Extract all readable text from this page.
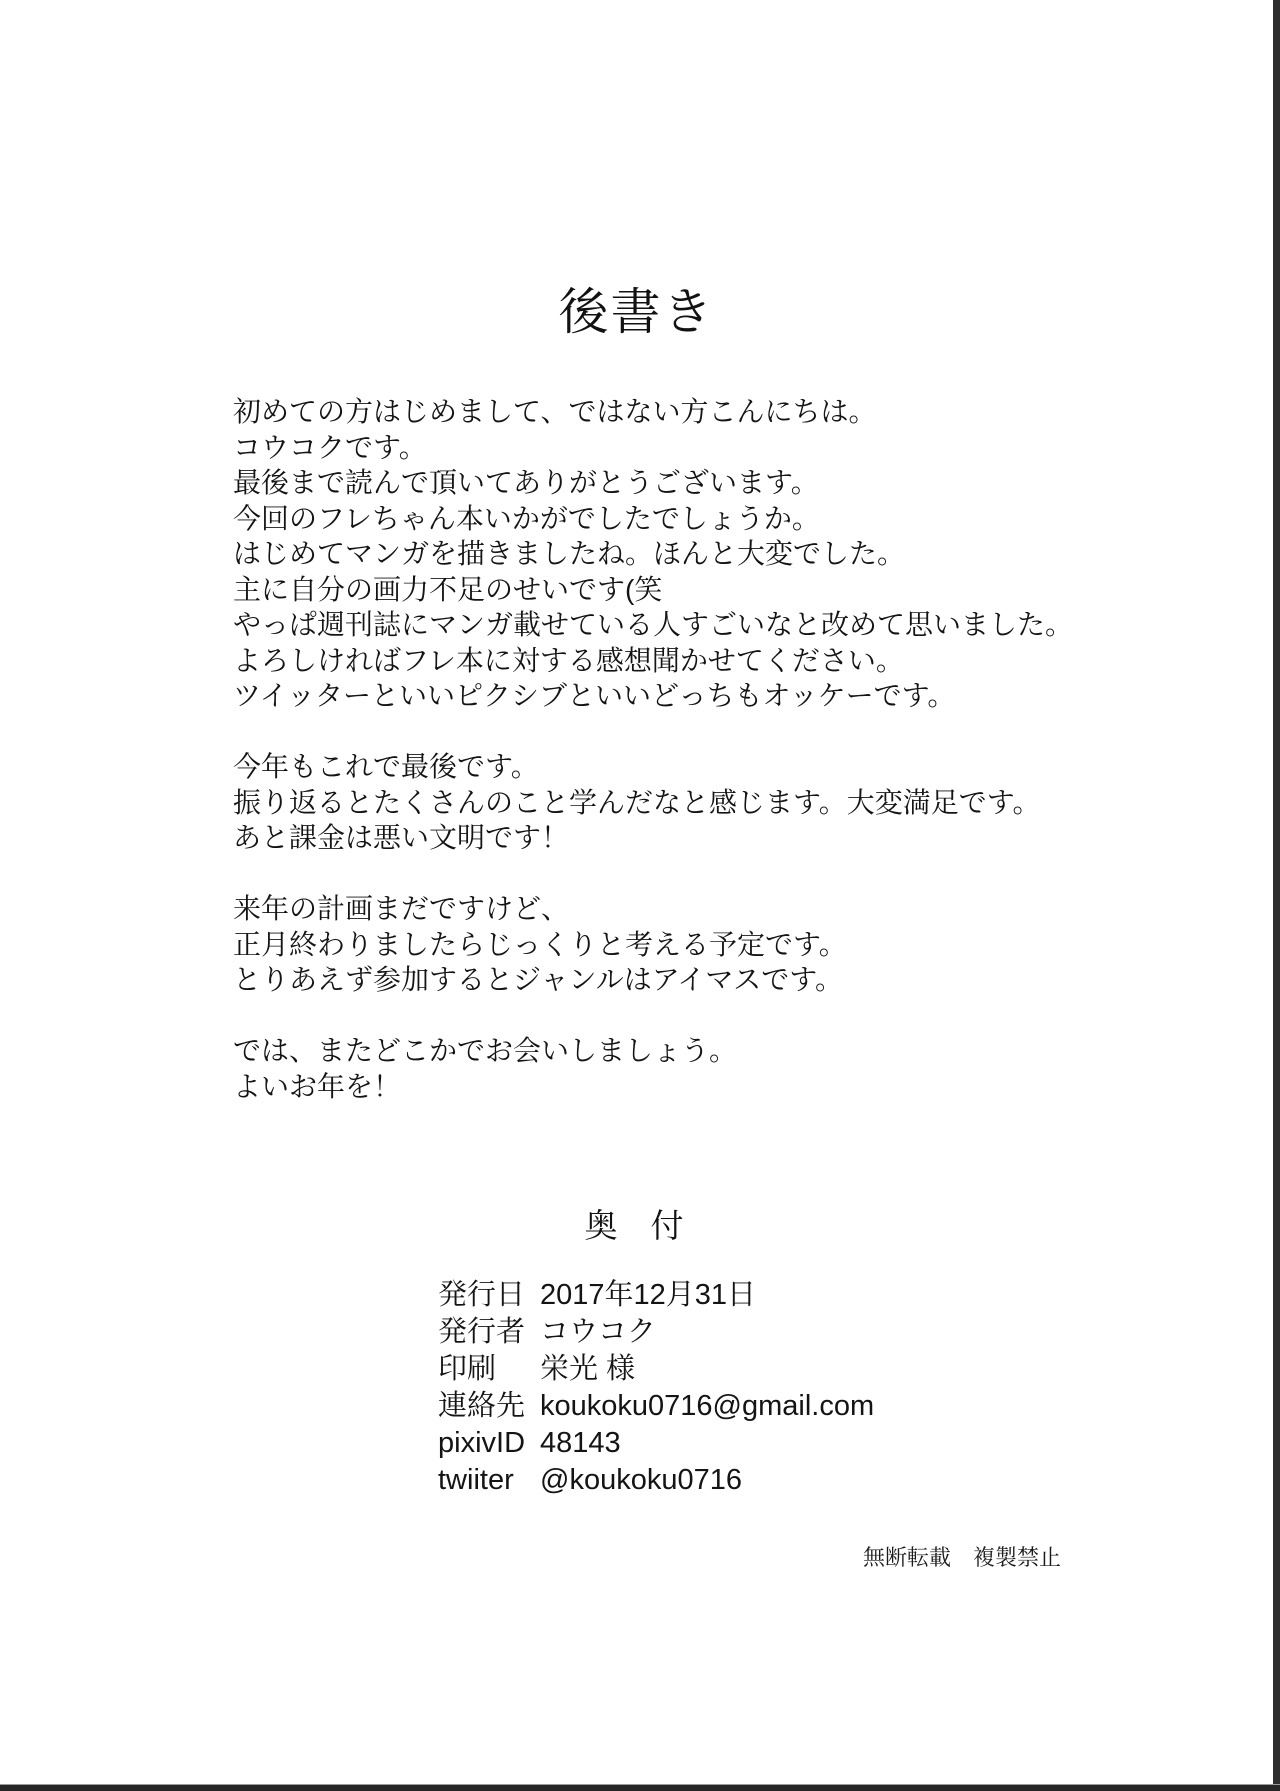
後書き
初めての方はじめまして、ではない方こんにちは。
コウコクです。
最後まで読んで頂いてありがとうございます。
今回のフレちゃん本いかがでしたでしょうか。
はじめてマンガを描きましたね。ほんと大変でした。
主に自分の画力不足のせいです(笑
やっぱ週刊誌にマンガ載せている人すごいなと改めて思いました。
よろしければフレ本に対する感想聞かせてください。
ツイッターといいピクシブといいどっちもオッケーです。
今年もこれで最後です。
振り返るとたくさんのこと学んだなと感じます。大変満足です。
あと課金は悪い文明です！
来年の計画まだですけど、
正月終わりましたらじっくりと考える予定です。
とりあえず参加するとジャンルはアイマスです。
では、またどこかでお会いしましょう。
よいお年を！
奥　付
発行日 2017年12月31日
発行者 コウコク
印刷 栄光 様
連絡先 koukoku0716@gmail.com
pixivID 48143
twiiter @koukoku0716
無断転載　複製禁止
